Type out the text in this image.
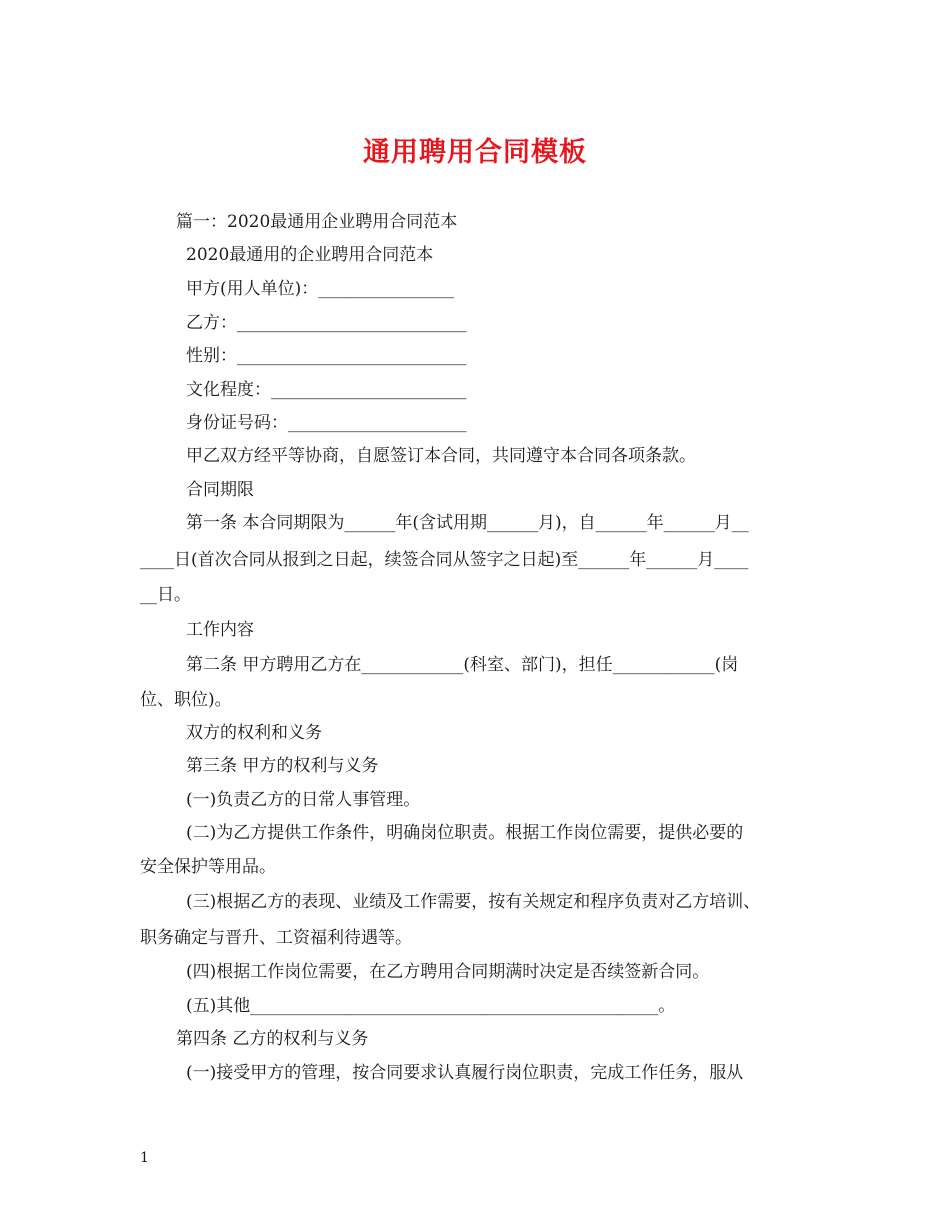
通用聘用合同模板
篇一：2020最通用企业聘用合同范本
2020最通用的企业聘用合同范本
甲方(用人单位)：________________
乙方：___________________________
性别：___________________________
文化程度：_______________________
身份证号码：_____________________
甲乙双方经平等协商，自愿签订本合同，共同遵守本合同各项条款。
合同期限
第一条 本合同期限为______年(含试用期______月)，自______年______月__
____日(首次合同从报到之日起，续签合同从签字之日起)至______年______月____
__日。
工作内容
第二条 甲方聘用乙方在____________(科室、部门)，担任____________(岗
位、职位)。
双方的权利和义务
第三条 甲方的权利与义务
(一)负责乙方的日常人事管理。
(二)为乙方提供工作条件，明确岗位职责。根据工作岗位需要，提供必要的
安全保护等用品。
(三)根据乙方的表现、业绩及工作需要，按有关规定和程序负责对乙方培训、
职务确定与晋升、工资福利待遇等。
(四)根据工作岗位需要，在乙方聘用合同期满时决定是否续签新合同。
(五)其他________________________________________________。
第四条 乙方的权利与义务
(一)接受甲方的管理，按合同要求认真履行岗位职责，完成工作任务，服从
1
